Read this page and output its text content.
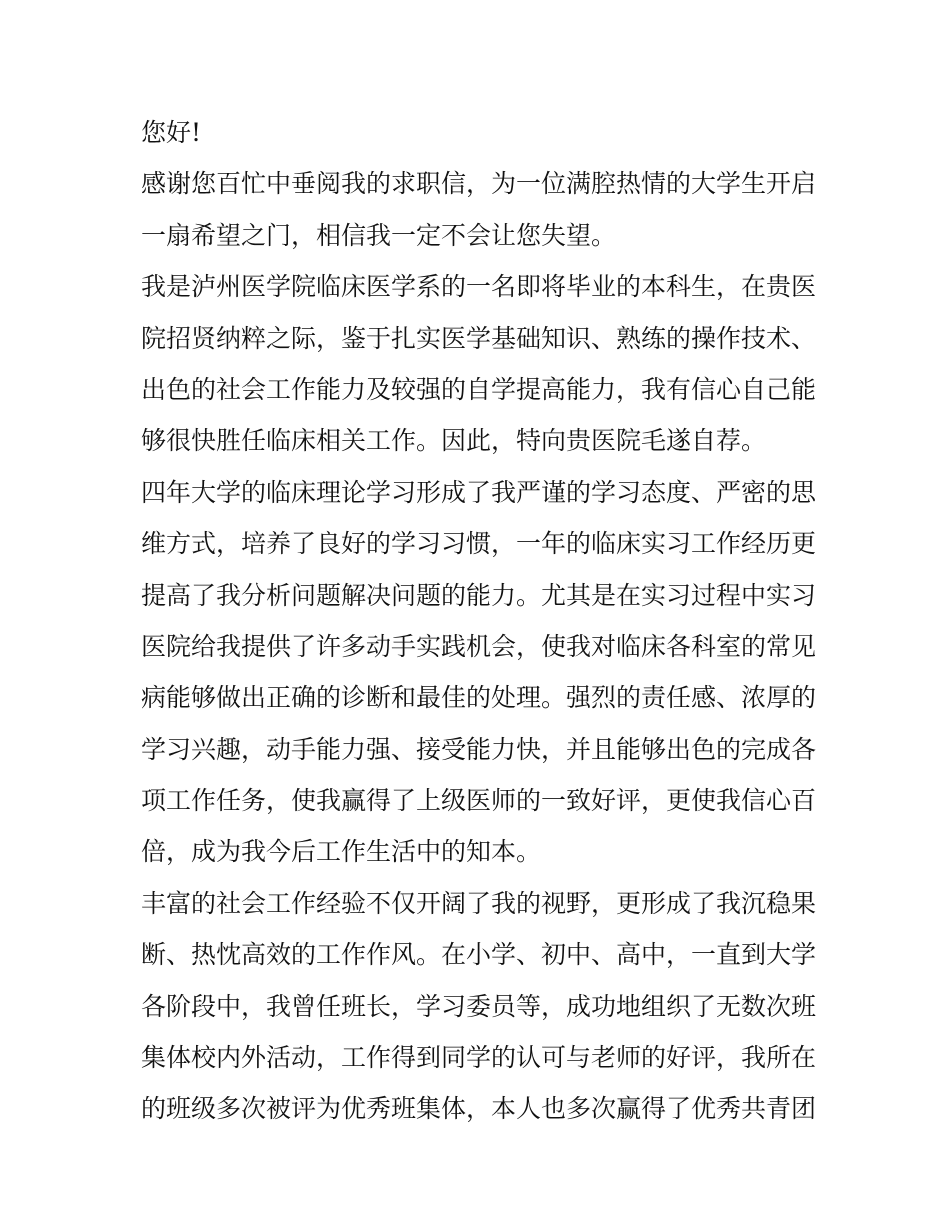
您好!
感谢您百忙中垂阅我的求职信，为一位满腔热情的大学生开启
一扇希望之门，相信我一定不会让您失望。
我是泸州医学院临床医学系的一名即将毕业的本科生，在贵医
院招贤纳粹之际，鉴于扎实医学基础知识、熟练的操作技术、
出色的社会工作能力及较强的自学提高能力，我有信心自己能
够很快胜任临床相关工作。因此，特向贵医院毛遂自荐。
四年大学的临床理论学习形成了我严谨的学习态度、严密的思
维方式，培养了良好的学习习惯，一年的临床实习工作经历更
提高了我分析问题解决问题的能力。尤其是在实习过程中实习
医院给我提供了许多动手实践机会，使我对临床各科室的常见
病能够做出正确的诊断和最佳的处理。强烈的责任感、浓厚的
学习兴趣，动手能力强、接受能力快，并且能够出色的完成各
项工作任务，使我赢得了上级医师的一致好评，更使我信心百
倍，成为我今后工作生活中的知本。
丰富的社会工作经验不仅开阔了我的视野，更形成了我沉稳果
断、热忱高效的工作作风。在小学、初中、高中，一直到大学
各阶段中，我曾任班长，学习委员等，成功地组织了无数次班
集体校内外活动，工作得到同学的认可与老师的好评，我所在
的班级多次被评为优秀班集体，本人也多次赢得了优秀共青团
